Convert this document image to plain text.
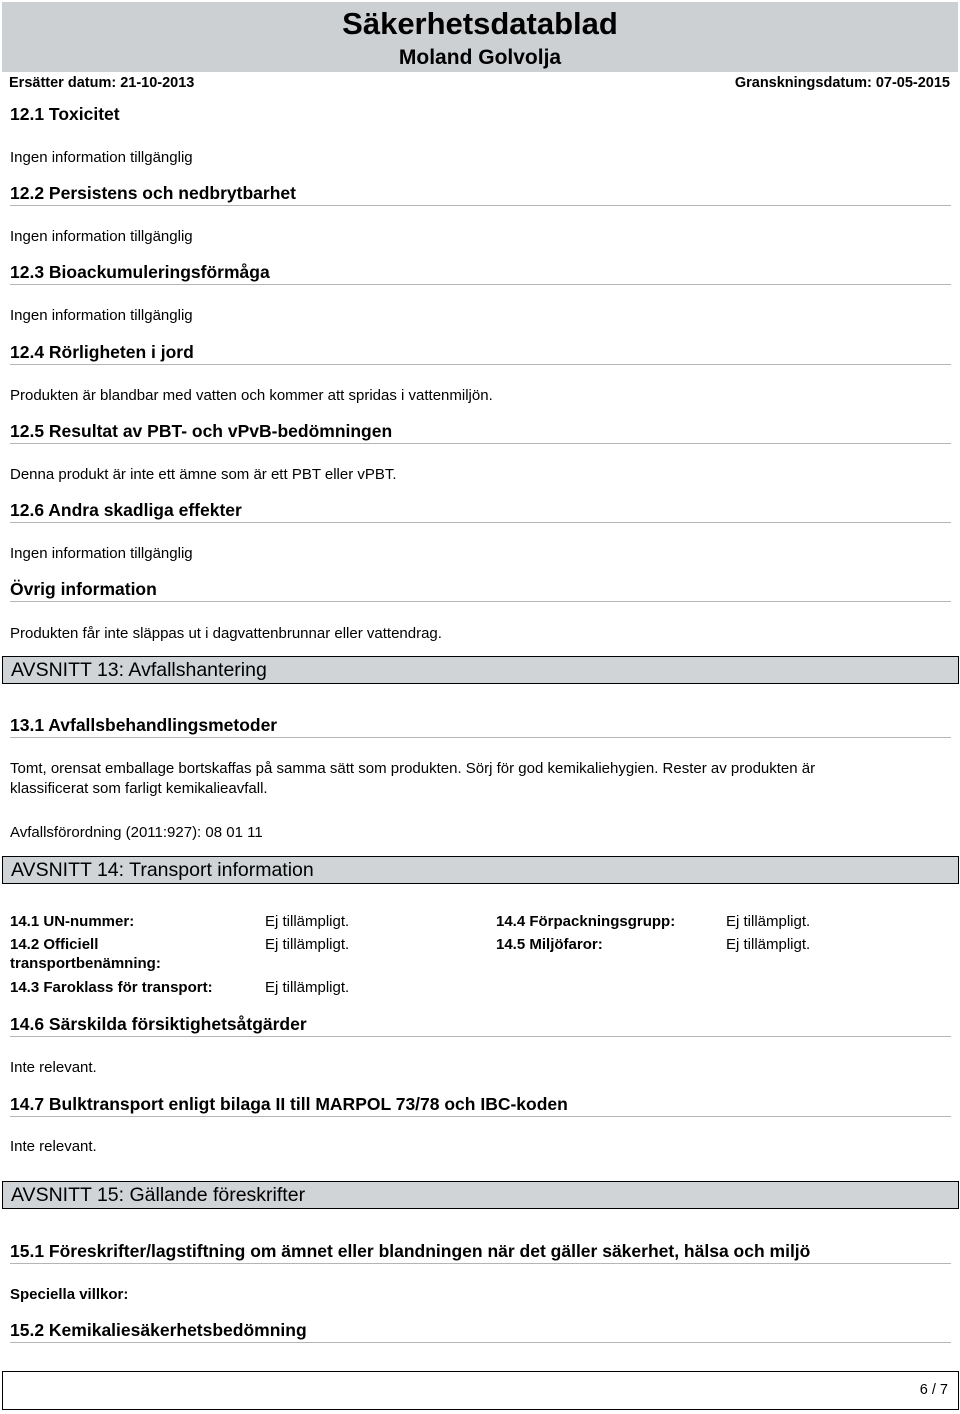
Säkerhetsdatablad
Moland Golvolja
Ersätter datum: 21-10-2013	Granskningsdatum: 07-05-2015
12.1 Toxicitet
Ingen information tillgänglig
12.2 Persistens och nedbrytbarhet
Ingen information tillgänglig
12.3 Bioackumuleringsförmåga
Ingen information tillgänglig
12.4 Rörligheten i jord
Produkten är blandbar med vatten och kommer att spridas i vattenmiljön.
12.5 Resultat av PBT- och vPvB-bedömningen
Denna produkt är inte ett ämne som är ett PBT eller vPBT.
12.6 Andra skadliga effekter
Ingen information tillgänglig
Övrig information
Produkten får inte släppas ut i dagvattenbrunnar eller vattendrag.
AVSNITT 13: Avfallshantering
13.1 Avfallsbehandlingsmetoder
Tomt, orensat emballage bortskaffas på samma sätt som produkten. Sörj för god kemikaliehygien. Rester av produkten är
klassificerat som farligt kemikalieavfall.
Avfallsförordning (2011:927): 08 01 11
AVSNITT 14: Transport information
14.1 UN-nummer:	Ej tillämpligt.
14.2 Officiell transportbenämning:
Ej tillämpligt.
14.3 Faroklass för transport:	Ej tillämpligt.
14.4 Förpackningsgrupp:	Ej tillämpligt.
14.5 Miljöfaror:	Ej tillämpligt.
14.6 Särskilda försiktighetsåtgärder
Inte relevant.
14.7 Bulktransport enligt bilaga II till MARPOL 73/78 och IBC-koden
Inte relevant.
AVSNITT 15: Gällande föreskrifter
15.1 Föreskrifter/lagstiftning om ämnet eller blandningen när det gäller säkerhet, hälsa och miljö
Speciella villkor:
15.2 Kemikaliesäkerhetsbedömning
6 / 7
